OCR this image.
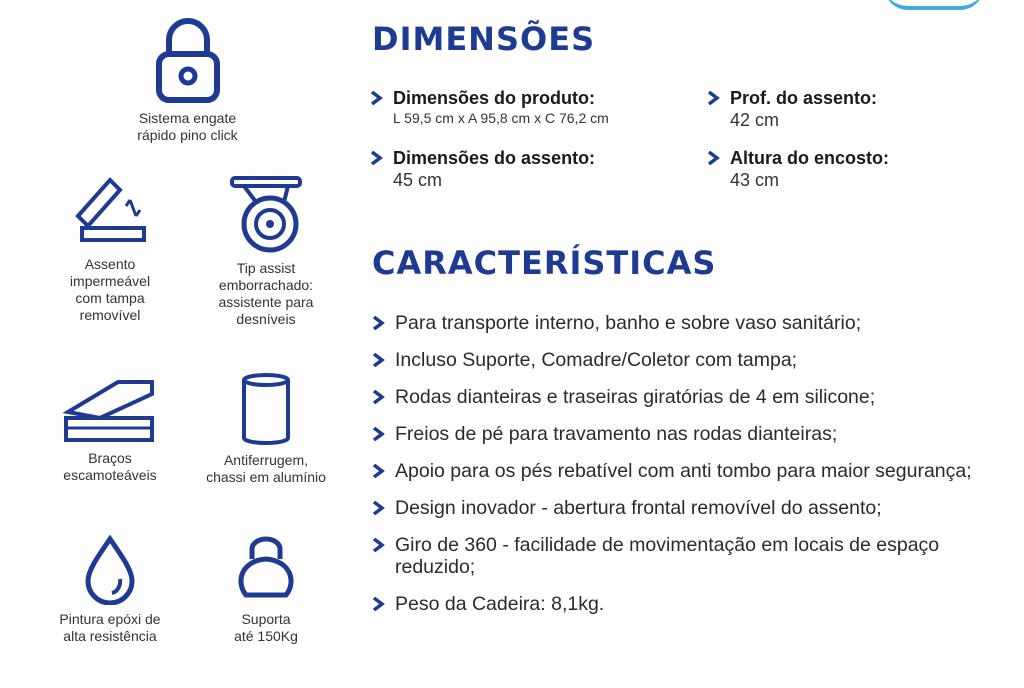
Sistema engate
rápido pino click
Assento
impermeável
com tampa
removível
Tip assist
emborrachado:
assistente para
desníveis
Braços
escamoteáveis
Antiferrugem,
chassi em alumínio
Pintura epóxi de
alta resistência
Suporta
até 150Kg
DIMENSÕES
Dimensões do produto:
L 59,5 cm x A 95,8 cm x C 76,2 cm
Prof. do assento:
42 cm
Dimensões do assento:
45 cm
Altura do encosto:
43 cm
CARACTERÍSTICAS
Para transporte interno, banho e sobre vaso sanitário;
Incluso Suporte, Comadre/Coletor com tampa;
Rodas dianteiras e traseiras giratórias de 4 em silicone;
Freios de pé para travamento nas rodas dianteiras;
Apoio para os pés rebatível com anti tombo para maior segurança;
Design inovador - abertura frontal removível do assento;
Giro de 360 - facilidade de movimentação em locais de espaço reduzido;
Peso da Cadeira: 8,1kg.
